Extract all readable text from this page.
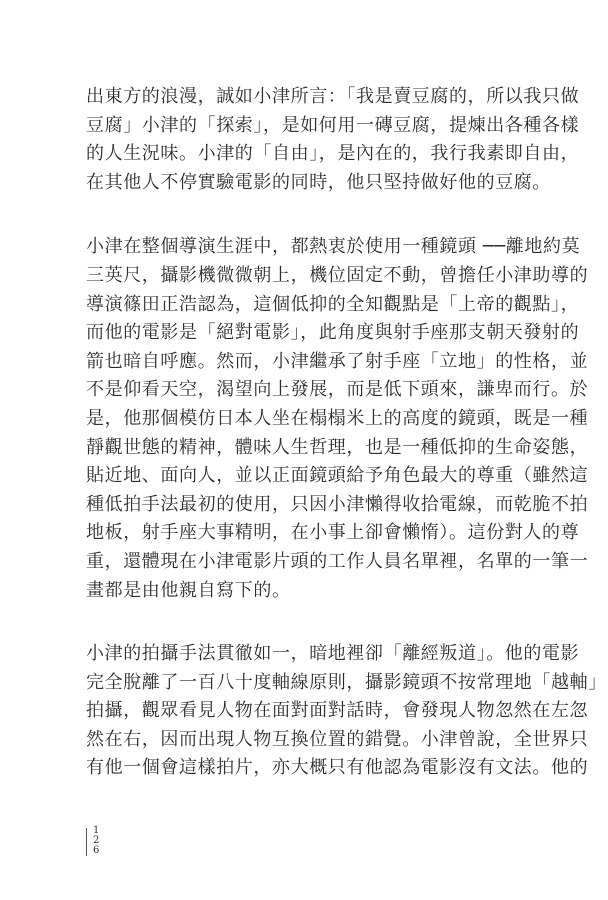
出東方的浪漫，誠如小津所言：「我是賣豆腐的，所以我只做

豆腐」小津的「探索」，是如何用一磚豆腐，提煉出各種各樣

的人生況味。小津的「自由」，是內在的，我行我素即自由，

在其他人不停實驗電影的同時，他只堅持做好他的豆腐。

小津在整個導演生涯中，都熱衷於使用一種鏡頭 ──離地約莫

三英尺，攝影機微微朝上，機位固定不動，曾擔任小津助導的

導演篠田正浩認為，這個低抑的全知觀點是「上帝的觀點」，

而他的電影是「絕對電影」，此角度與射手座那支朝天發射的

箭也暗自呼應。然而，小津繼承了射手座「立地」的性格，並

不是仰看天空，渴望向上發展，而是低下頭來，謙卑而行。於

是，他那個模仿日本人坐在榻榻米上的高度的鏡頭，既是一種

靜觀世態的精神，體味人生哲理，也是一種低抑的生命姿態，

貼近地、面向人，並以正面鏡頭給予角色最大的尊重（雖然這

種低拍手法最初的使用，只因小津懶得收拾電線，而乾脆不拍

地板，射手座大事精明，在小事上卻會懶惰）。這份對人的尊

重，還體現在小津電影片頭的工作人員名單裡，名單的一筆一

畫都是由他親自寫下的。

小津的拍攝手法貫徹如一，暗地裡卻「離經叛道」。他的電影

完全脫離了一百八十度軸線原則，攝影鏡頭不按常理地「越軸」

拍攝，觀眾看見人物在面對面對話時，會發現人物忽然在左忽

然在右，因而出現人物互換位置的錯覺。小津曾說，全世界只

有他一個會這樣拍片，亦大概只有他認為電影沒有文法。他的

1
2
6
